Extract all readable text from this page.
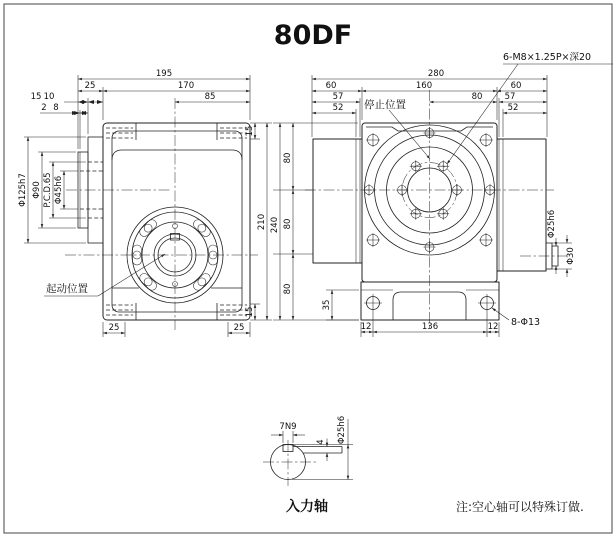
80DF
195
25	170
15 10	85
2 8
Φ125h7 Φ90 P.C.D.65 Φ45h6
15
15
210
25	25
起动位置
280
60	160	60
57	80	57
52	52
240
80
80
80
12	136	12
35
Φ25h6
Φ30
停止位置
6-M8×1.25P×深20
8-Φ13
Φ25h6
4
7N9
入力轴	注:空心轴可以特殊订做.
